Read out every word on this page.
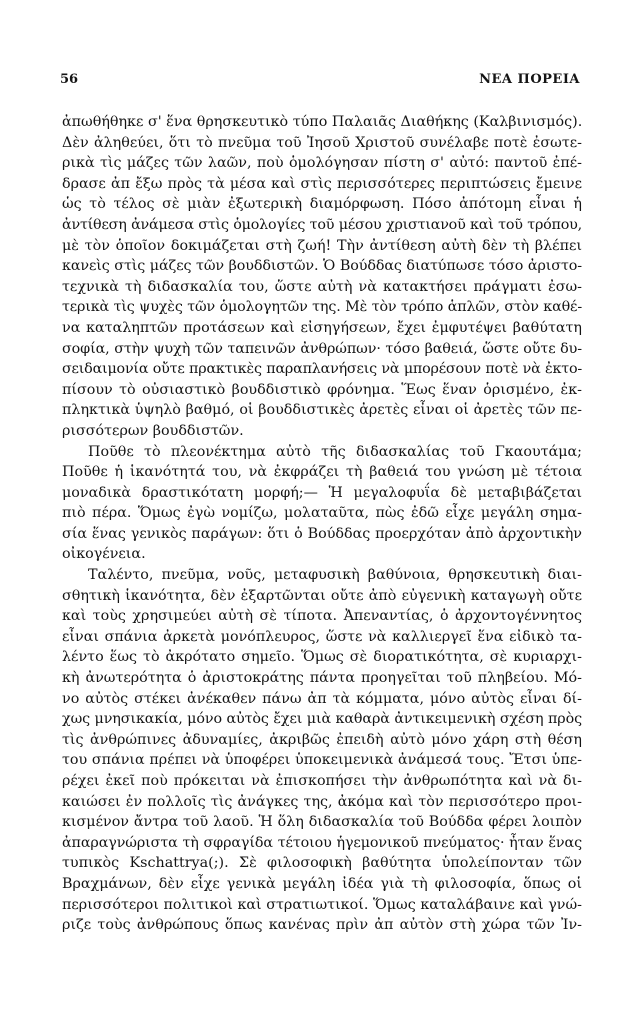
56	ΝΕΑ ΠΟΡΕΙΑ
ἀπωθήθηκε σ' ἕνα θρησκευτικὸ τύπο Παλαιᾶς Διαθήκης (Καλβινισμός).
Δὲν ἀληθεύει, ὅτι τὸ πνεῦμα τοῦ Ἰησοῦ Χριστοῦ συνέλαβε ποτὲ ἐσωτε-
ρικὰ τὶς μάζες τῶν λαῶν, ποὺ ὁμολόγησαν πίστη σ' αὐτό: παντοῦ ἐπέ-
δρασε ἀπ ἔξω πρὸς τὰ μέσα καὶ στὶς περισσότερες περιπτώσεις ἔμεινε
ὡς τὸ τέλος σὲ μιὰν ἐξωτερικὴ διαμόρφωση. Πόσο ἀπότομη εἶναι ἡ
ἀντίθεση ἀνάμεσα στὶς ὁμολογίες τοῦ μέσου χριστιανοῦ καὶ τοῦ τρόπου,
μὲ τὸν ὁποῖον δοκιμάζεται στὴ ζωή! Τὴν ἀντίθεση αὐτὴ δὲν τὴ βλέπει
κανεὶς στὶς μάζες τῶν βουδδιστῶν. Ὁ Βούδδας διατύπωσε τόσο ἀριστο-
τεχνικὰ τὴ διδασκαλία του, ὥστε αὐτὴ νὰ κατακτήσει πράγματι ἐσω-
τερικὰ τὶς ψυχὲς τῶν ὁμολογητῶν της. Μὲ τὸν τρόπο ἁπλῶν, στὸν καθέ-
να καταληπτῶν προτάσεων καὶ εἰσηγήσεων, ἔχει ἐμφυτέψει βαθύτατη
σοφία, στὴν ψυχὴ τῶν ταπεινῶν ἀνθρώπων· τόσο βαθειά, ὥστε οὔτε δυ-
σειδαιμονία οὔτε πρακτικὲς παραπλανήσεις νὰ μπορέσουν ποτὲ νὰ ἐκτο-
πίσουν τὸ οὐσιαστικὸ βουδδιστικὸ φρόνημα. Ἕως ἕναν ὁρισμένο, ἐκ-
πληκτικὰ ὑψηλὸ βαθμό, οἱ βουδδιστικὲς ἀρετὲς εἶναι οἱ ἀρετὲς τῶν πε-
ρισσότερων βουδδιστῶν.
Ποῦθε τὸ πλεονέκτημα αὐτὸ τῆς διδασκαλίας τοῦ Γκαουτάμα;
Ποῦθε ἡ ἱκανότητά του, νὰ ἐκφράζει τὴ βαθειά του γνώση μὲ τέτοια
μοναδικὰ δραστικότατη μορφή;— Ἡ μεγαλοφυΐα δὲ μεταβιβάζεται
πιὸ πέρα. Ὅμως ἐγὼ νομίζω, μολαταῦτα, πὼς ἐδῶ εἶχε μεγάλη σημα-
σία ἕνας γενικὸς παράγων: ὅτι ὁ Βούδδας προερχόταν ἀπὸ ἀρχοντικὴν
οἰκογένεια.
Ταλέντο, πνεῦμα, νοῦς, μεταφυσικὴ βαθύνοια, θρησκευτικὴ διαι-
σθητικὴ ἱκανότητα, δὲν ἐξαρτῶνται οὔτε ἀπὸ εὐγενικὴ καταγωγὴ οὔτε
καὶ τοὺς χρησιμεύει αὐτὴ σὲ τίποτα. Ἀπεναντίας, ὁ ἀρχοντογέννητος
εἶναι σπάνια ἀρκετὰ μονόπλευρος, ὥστε νὰ καλλιεργεῖ ἕνα εἰδικὸ τα-
λέντο ἕως τὸ ἀκρότατο σημεῖο. Ὅμως σὲ διορατικότητα, σὲ κυριαρχι-
κὴ ἀνωτερότητα ὁ ἀριστοκράτης πάντα προηγεῖται τοῦ πληβείου. Μό-
νο αὐτὸς στέκει ἀνέκαθεν πάνω ἀπ τὰ κόμματα, μόνο αὐτὸς εἶναι δί-
χως μνησικακία, μόνο αὐτὸς ἔχει μιὰ καθαρὰ ἀντικειμενικὴ σχέση πρὸς
τὶς ἀνθρώπινες ἀδυναμίες, ἀκριβῶς ἐπειδὴ αὐτὸ μόνο χάρη στὴ θέση
του σπάνια πρέπει νὰ ὑποφέρει ὑποκειμενικὰ ἀνάμεσά τους. Ἔτσι ὑπε-
ρέχει ἐκεῖ ποὺ πρόκειται νὰ ἐπισκοπήσει τὴν ἀνθρωπότητα καὶ νὰ δι-
καιώσει ἐν πολλοῖς τὶς ἀνάγκες της, ἀκόμα καὶ τὸν περισσότερο προι-
κισμένον ἄντρα τοῦ λαοῦ. Ἡ ὅλη διδασκαλία τοῦ Βούδδα φέρει λοιπὸν
ἀπαραγνώριστα τὴ σφραγίδα τέτοιου ἡγεμονικοῦ πνεύματος· ἦταν ἕνας
τυπικὸς Kschattrya(;). Σὲ φιλοσοφικὴ βαθύτητα ὑπολείπονταν τῶν
Βραχμάνων, δὲν εἶχε γενικὰ μεγάλη ἰδέα γιὰ τὴ φιλοσοφία, ὅπως οἱ
περισσότεροι πολιτικοὶ καὶ στρατιωτικοί. Ὅμως καταλάβαινε καὶ γνώ-
ριζε τοὺς ἀνθρώπους ὅπως κανένας πρὶν ἀπ αὐτὸν στὴ χώρα τῶν Ἰν-
